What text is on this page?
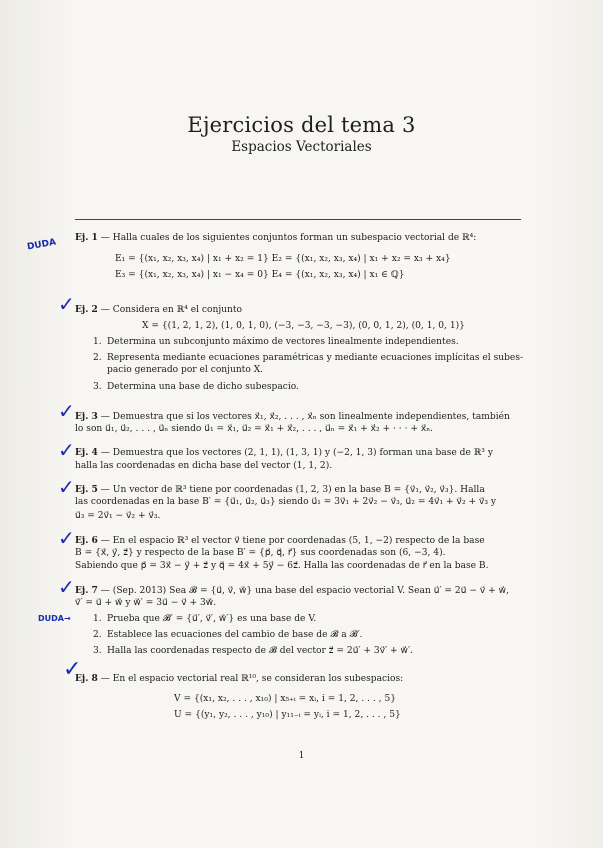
Ejercicios del tema 3
Espacios Vectoriales
DUDA
Ej. 1 — Halla cuales de los siguientes conjuntos forman un subespacio vectorial de ℝ⁴:
E₁ = {(x₁, x₂, x₃, x₄) | x₁ + x₂ = 1} E₂ = {(x₁, x₂, x₃, x₄) | x₁ + x₂ = x₃ + x₄}
E₃ = {(x₁, x₂, x₃, x₄) | x₁ − x₄ = 0} E₄ = {(x₁, x₂, x₃, x₄) | x₁ ∈ ℚ}
✓ Ej. 2 — Considera en ℝ⁴ el conjunto
X = {(1, 2, 1, 2), (1, 0, 1, 0), (−3, −3, −3, −3), (0, 0, 1, 2), (0, 1, 0, 1)}
1. Determina un subconjunto máximo de vectores linealmente independientes.
2. Representa mediante ecuaciones paramétricas y mediante ecuaciones implícitas el subes-
pacio generado por el conjunto X.
3. Determina una base de dicho subespacio.
✓ Ej. 3 — Demuestra que si los vectores x⃗₁, x⃗₂, . . . , x⃗ₙ son linealmente independientes, también
lo son u⃗₁, u⃗₂, . . . , u⃗ₙ siendo u⃗₁ = x⃗₁, u⃗₂ = x⃗₁ + x⃗₂, . . . , u⃗ₙ = x⃗₁ + x⃗₂ + · · · + x⃗ₙ.
✓ Ej. 4 — Demuestra que los vectores (2, 1, 1), (1, 3, 1) y (−2, 1, 3) forman una base de ℝ³ y
halla las coordenadas en dicha base del vector (1, 1, 2).
✓ Ej. 5 — Un vector de ℝ³ tiene por coordenadas (1, 2, 3) en la base B = {v⃗₁, v⃗₂, v⃗₃}. Halla
las coordenadas en la base B′ = {u⃗₁, u⃗₂, u⃗₃} siendo u⃗₁ = 3v⃗₁ + 2v⃗₂ − v⃗₃, u⃗₂ = 4v⃗₁ + v⃗₂ + v⃗₃ y
u⃗₃ = 2v⃗₁ − v⃗₂ + v⃗₃.
✓ Ej. 6 — En el espacio ℝ³ el vector v⃗ tiene por coordenadas (5, 1, −2) respecto de la base
B = {x⃗, y⃗, z⃗} y respecto de la base B′ = {p⃗, q⃗, r⃗} sus coordenadas son (6, −3, 4).
Sabiendo que p⃗ = 3x⃗ − y⃗ + z⃗ y q⃗ = 4x⃗ + 5y⃗ − 6z⃗. Halla las coordenadas de r⃗ en la base B.
✓ Ej. 7 — (Sep. 2013) Sea 𝓑 = {u⃗, v⃗, w⃗} una base del espacio vectorial V. Sean u⃗′ = 2u⃗ − v⃗ + w⃗,
v⃗′ = u⃗ + w⃗ y w⃗′ = 3u⃗ − v⃗ + 3w⃗.
DUDA→ 1. Prueba que 𝓑′ = {u⃗′, v⃗′, w⃗′} es una base de V.
2. Establece las ecuaciones del cambio de base de 𝓑 a 𝓑′.
3. Halla las coordenadas respecto de 𝓑 del vector z⃗ = 2u⃗′ + 3v⃗′ + w⃗′.
✓
Ej. 8 — En el espacio vectorial real ℝ¹⁰, se consideran los subespacios:
V = {(x₁, x₂, . . . , x₁₀) | x₅₊ᵢ = xᵢ, i = 1, 2, . . . , 5}
U = {(y₁, y₂, . . . , y₁₀) | y₁₁₋ᵢ = yᵢ, i = 1, 2, . . . , 5}
1
